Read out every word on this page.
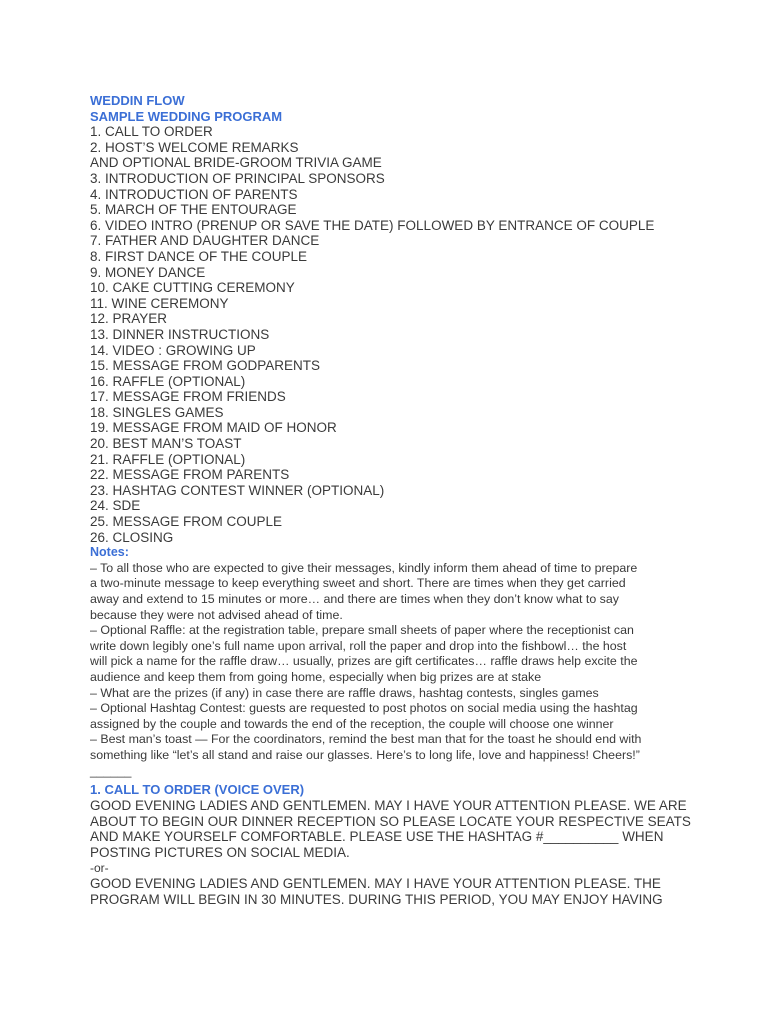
WEDDIN FLOW
SAMPLE WEDDING PROGRAM
1. CALL TO ORDER
2. HOST’S WELCOME REMARKS
AND OPTIONAL BRIDE-GROOM TRIVIA GAME
3. INTRODUCTION OF PRINCIPAL SPONSORS
4. INTRODUCTION OF PARENTS
5. MARCH OF THE ENTOURAGE
6. VIDEO INTRO (PRENUP OR SAVE THE DATE) FOLLOWED BY ENTRANCE OF COUPLE
7. FATHER AND DAUGHTER DANCE
8. FIRST DANCE OF THE COUPLE
9. MONEY DANCE
10. CAKE CUTTING CEREMONY
11. WINE CEREMONY
12. PRAYER
13. DINNER INSTRUCTIONS
14. VIDEO : GROWING UP
15. MESSAGE FROM GODPARENTS
16. RAFFLE (OPTIONAL)
17. MESSAGE FROM FRIENDS
18. SINGLES GAMES
19. MESSAGE FROM MAID OF HONOR
20. BEST MAN’S TOAST
21. RAFFLE (OPTIONAL)
22. MESSAGE FROM PARENTS
23. HASHTAG CONTEST WINNER (OPTIONAL)
24. SDE
25. MESSAGE FROM COUPLE
26. CLOSING
Notes:
– To all those who are expected to give their messages, kindly inform them ahead of time to prepare
a two-minute message to keep everything sweet and short. There are times when they get carried
away and extend to 15 minutes or more… and there are times when they don’t know what to say
because they were not advised ahead of time.
– Optional Raffle: at the registration table, prepare small sheets of paper where the receptionist can
write down legibly one’s full name upon arrival, roll the paper and drop into the fishbowl… the host
will pick a name for the raffle draw… usually, prizes are gift certificates… raffle draws help excite the
audience and keep them from going home, especially when big prizes are at stake
– What are the prizes (if any) in case there are raffle draws, hashtag contests, singles games
– Optional Hashtag Contest: guests are requested to post photos on social media using the hashtag
assigned by the couple and towards the end of the reception, the couple will choose one winner
– Best man’s toast — For the coordinators, remind the best man that for the toast he should end with
something like “let’s all stand and raise our glasses. Here’s to long life, love and happiness! Cheers!”
______
1. CALL TO ORDER (VOICE OVER)
GOOD EVENING LADIES AND GENTLEMEN. MAY I HAVE YOUR ATTENTION PLEASE. WE ARE
ABOUT TO BEGIN OUR DINNER RECEPTION SO PLEASE LOCATE YOUR RESPECTIVE SEATS
AND MAKE YOURSELF COMFORTABLE. PLEASE USE THE HASHTAG #__________ WHEN
POSTING PICTURES ON SOCIAL MEDIA.
-or-
GOOD EVENING LADIES AND GENTLEMEN. MAY I HAVE YOUR ATTENTION PLEASE. THE
PROGRAM WILL BEGIN IN 30 MINUTES. DURING THIS PERIOD, YOU MAY ENJOY HAVING
